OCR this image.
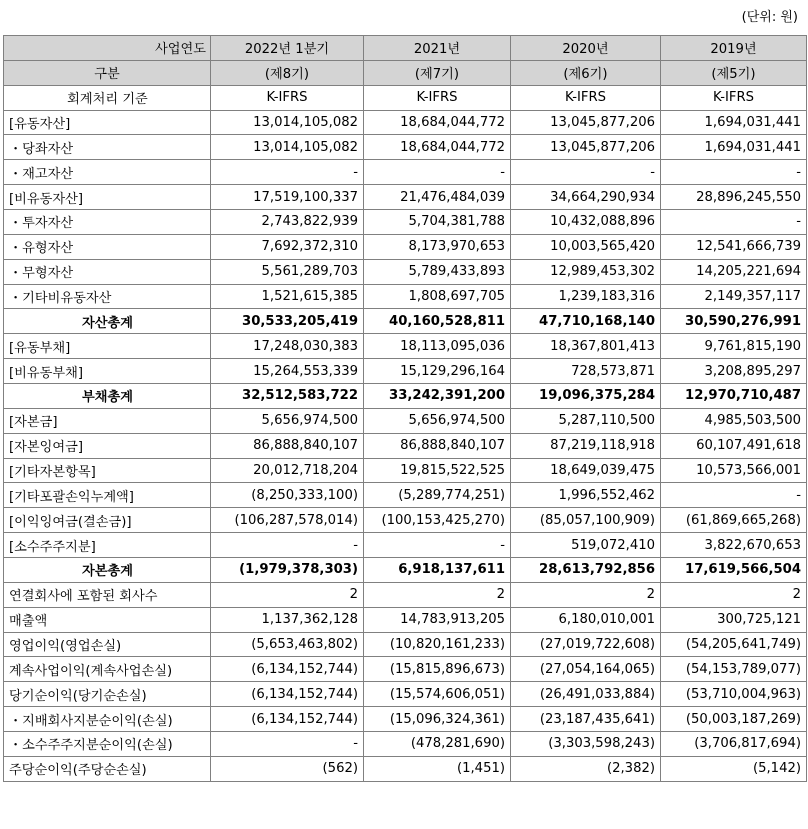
(단위: 원)
사업연도	2022년 1분기	2021년	2020년	2019년
구분	(제8기)	(제7기)	(제6기)	(제5기)
회계처리 기준	K-IFRS	K-IFRS	K-IFRS	K-IFRS
[유동자산]	13,014,105,082	18,684,044,772	13,045,877,206	1,694,031,441
・당좌자산	13,014,105,082	18,684,044,772	13,045,877,206	1,694,031,441
・재고자산	-	-	-	-
[비유동자산]	17,519,100,337	21,476,484,039	34,664,290,934	28,896,245,550
・투자자산	2,743,822,939	5,704,381,788	10,432,088,896	-
・유형자산	7,692,372,310	8,173,970,653	10,003,565,420	12,541,666,739
・무형자산	5,561,289,703	5,789,433,893	12,989,453,302	14,205,221,694
・기타비유동자산	1,521,615,385	1,808,697,705	1,239,183,316	2,149,357,117
자산총계	30,533,205,419	40,160,528,811	47,710,168,140	30,590,276,991
[유동부채]	17,248,030,383	18,113,095,036	18,367,801,413	9,761,815,190
[비유동부채]	15,264,553,339	15,129,296,164	728,573,871	3,208,895,297
부채총계	32,512,583,722	33,242,391,200	19,096,375,284	12,970,710,487
[자본금]	5,656,974,500	5,656,974,500	5,287,110,500	4,985,503,500
[자본잉여금]	86,888,840,107	86,888,840,107	87,219,118,918	60,107,491,618
[기타자본항목]	20,012,718,204	19,815,522,525	18,649,039,475	10,573,566,001
[기타포괄손익누계액]	(8,250,333,100)	(5,289,774,251)	1,996,552,462	-
[이익잉여금(결손금)]	(106,287,578,014)	(100,153,425,270)	(85,057,100,909)	(61,869,665,268)
[소수주주지분]	-	-	519,072,410	3,822,670,653
자본총계	(1,979,378,303)	6,918,137,611	28,613,792,856	17,619,566,504
연결회사에 포함된 회사수	2	2	2	2
매출액	1,137,362,128	14,783,913,205	6,180,010,001	300,725,121
영업이익(영업손실)	(5,653,463,802)	(10,820,161,233)	(27,019,722,608)	(54,205,641,749)
계속사업이익(계속사업손실)	(6,134,152,744)	(15,815,896,673)	(27,054,164,065)	(54,153,789,077)
당기순이익(당기순손실)	(6,134,152,744)	(15,574,606,051)	(26,491,033,884)	(53,710,004,963)
・지배회사지분순이익(손실)	(6,134,152,744)	(15,096,324,361)	(23,187,435,641)	(50,003,187,269)
・소수주주지분순이익(손실)	-	(478,281,690)	(3,303,598,243)	(3,706,817,694)
주당순이익(주당순손실)	(562)	(1,451)	(2,382)	(5,142)
